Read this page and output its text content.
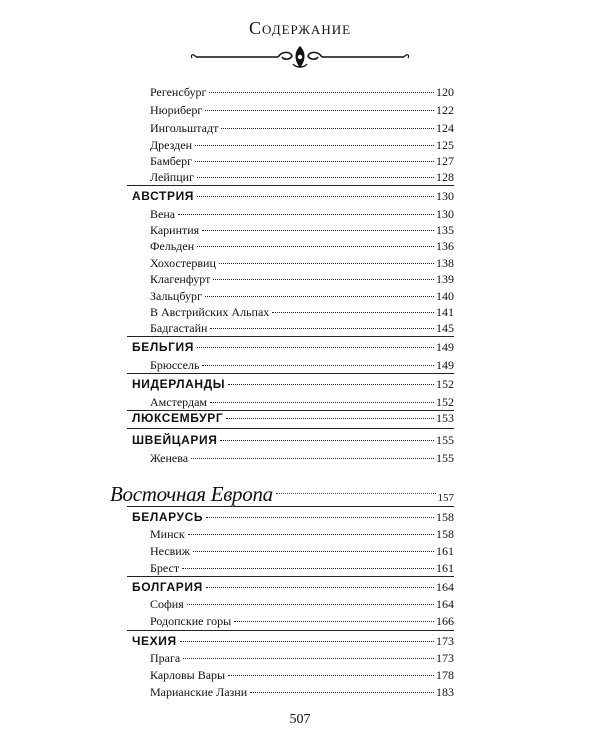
Содержание
Регенсбург	120
Нюриберг	122
Ингольштадт	124
Дрезден	125
Бамберг	127
Лейпциг	128
АВСТРИЯ	130
Вена	130
Каринтия	135
Фельден	136
Хохостервиц	138
Клагенфурт	139
Зальцбург	140
В Австрийских Альпах	141
Бадгастайн	145
БЕЛЬГИЯ	149
Брюссель	149
НИДЕРЛАНДЫ	152
Амстердам	152
ЛЮКСЕМБУРГ	153
ШВЕЙЦАРИЯ	155
Женева	155
Восточная Европа	157
БЕЛАРУСЬ	158
Минск	158
Несвиж	161
Брест	161
БОЛГАРИЯ	164
София	164
Родопские горы	166
ЧЕХИЯ	173
Прага	173
Карловы Вары	178
Марианские Лазни	183
507
